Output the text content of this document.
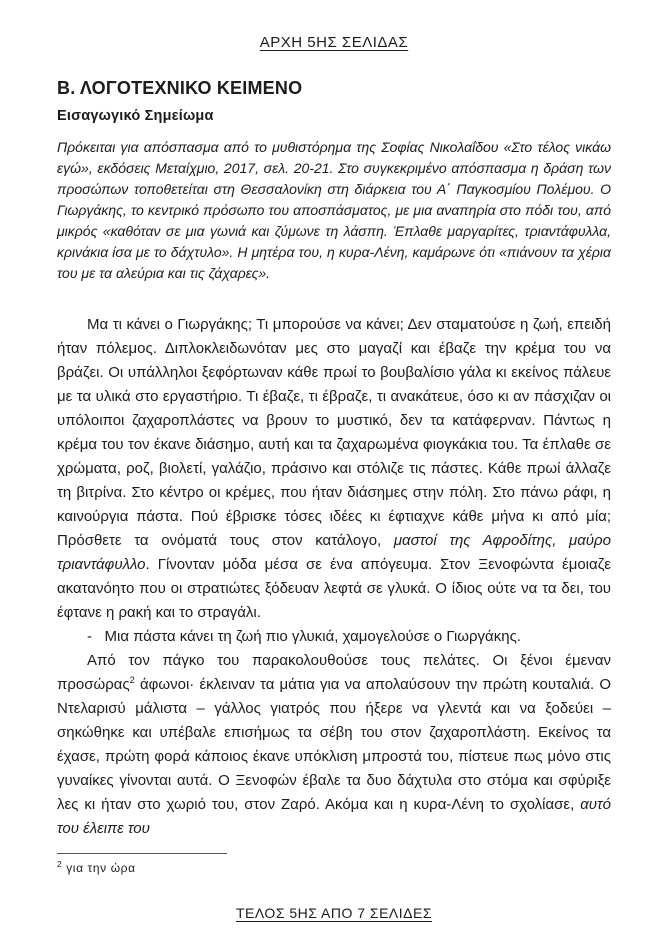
ΑΡΧΗ 5ΗΣ ΣΕΛΙΔΑΣ
Β. ΛΟΓΟΤΕΧΝΙΚΟ ΚΕΙΜΕΝΟ
Εισαγωγικό Σημείωμα

Πρόκειται για απόσπασμα από το μυθιστόρημα της Σοφίας Νικολαΐδου «Στο τέλος νικάω εγώ», εκδόσεις Μεταίχμιο, 2017, σελ. 20-21. Στο συγκεκριμένο απόσπασμα η δράση των προσώπων τοποθετείται στη Θεσσαλονίκη στη διάρκεια του Α΄ Παγκοσμίου Πολέμου. Ο Γιωργάκης, το κεντρικό πρόσωπο του αποσπάσματος, με μια αναπηρία στο πόδι του, από μικρός «καθόταν σε μια γωνιά και ζύμωνε τη λάσπη. Έπλαθε μαργαρίτες, τριαντάφυλλα, κρινάκια ίσα με το δάχτυλο». Η μητέρα του, η κυρα-Λένη, καμάρωνε ότι «πιάνουν τα χέρια του με τα αλεύρια και τις ζάχαρες».

Μα τι κάνει ο Γιωργάκης; Τι μπορούσε να κάνει; Δεν σταματούσε η ζωή, επειδή ήταν πόλεμος. Διπλοκλειδωνόταν μες στο μαγαζί και έβαζε την κρέμα του να βράζει. Οι υπάλληλοι ξεφόρτωναν κάθε πρωί το βουβαλίσιο γάλα κι εκείνος πάλευε με τα υλικά στο εργαστήριο. Τι έβαζε, τι έβραζε, τι ανακάτευε, όσο κι αν πάσχιζαν οι υπόλοιποι ζαχαροπλάστες να βρουν το μυστικό, δεν τα κατάφερναν. Πάντως η κρέμα του τον έκανε διάσημο, αυτή και τα ζαχαρωμένα φιογκάκια του. Τα έπλαθε σε χρώματα, ροζ, βιολετί, γαλάζιο, πράσινο και στόλιζε τις πάστες. Κάθε πρωί άλλαζε τη βιτρίνα. Στο κέντρο οι κρέμες, που ήταν διάσημες στην πόλη. Στο πάνω ράφι, η καινούργια πάστα. Πού έβρισκε τόσες ιδέες κι έφτιαχνε κάθε μήνα κι από μία; Πρόσθετε τα ονόματά τους στον κατάλογο, μαστοί της Αφροδίτης, μαύρο τριαντάφυλλο. Γίνονταν μόδα μέσα σε ένα απόγευμα. Στον Ξενοφώντα έμοιαζε ακατανόητο που οι στρατιώτες ξόδευαν λεφτά σε γλυκά. Ο ίδιος ούτε να τα δει, του έφτανε η ρακή και το στραγάλι.

-   Μια πάστα κάνει τη ζωή πιο γλυκιά, χαμογελούσε ο Γιωργάκης.

Από τον πάγκο του παρακολουθούσε τους πελάτες. Οι ξένοι έμεναν προσώρας$^2$ άφωνοι· έκλειναν τα μάτια για να απολαύσουν την πρώτη κουταλιά. Ο Ντελαρισύ μάλιστα – γάλλος γιατρός που ήξερε να γλεντά και να ξοδεύει – σηκώθηκε και υπέβαλε επισήμως τα σέβη του στον ζαχαροπλάστη. Εκείνος τα έχασε, πρώτη φορά κάποιος έκανε υπόκλιση μπροστά του, πίστευε πως μόνο στις γυναίκες γίνονται αυτά. Ο Ξενοφών έβαλε τα δυο δάχτυλα στο στόμα και σφύριξε λες κι ήταν στο χωριό του, στον Ζαρό. Ακόμα και η κυρα-Λένη το σχολίασε, αυτό του έλειπε του

$^2$ για την ώρα
ΤΕΛΟΣ 5ΗΣ ΑΠΟ 7 ΣΕΛΙΔΕΣ
